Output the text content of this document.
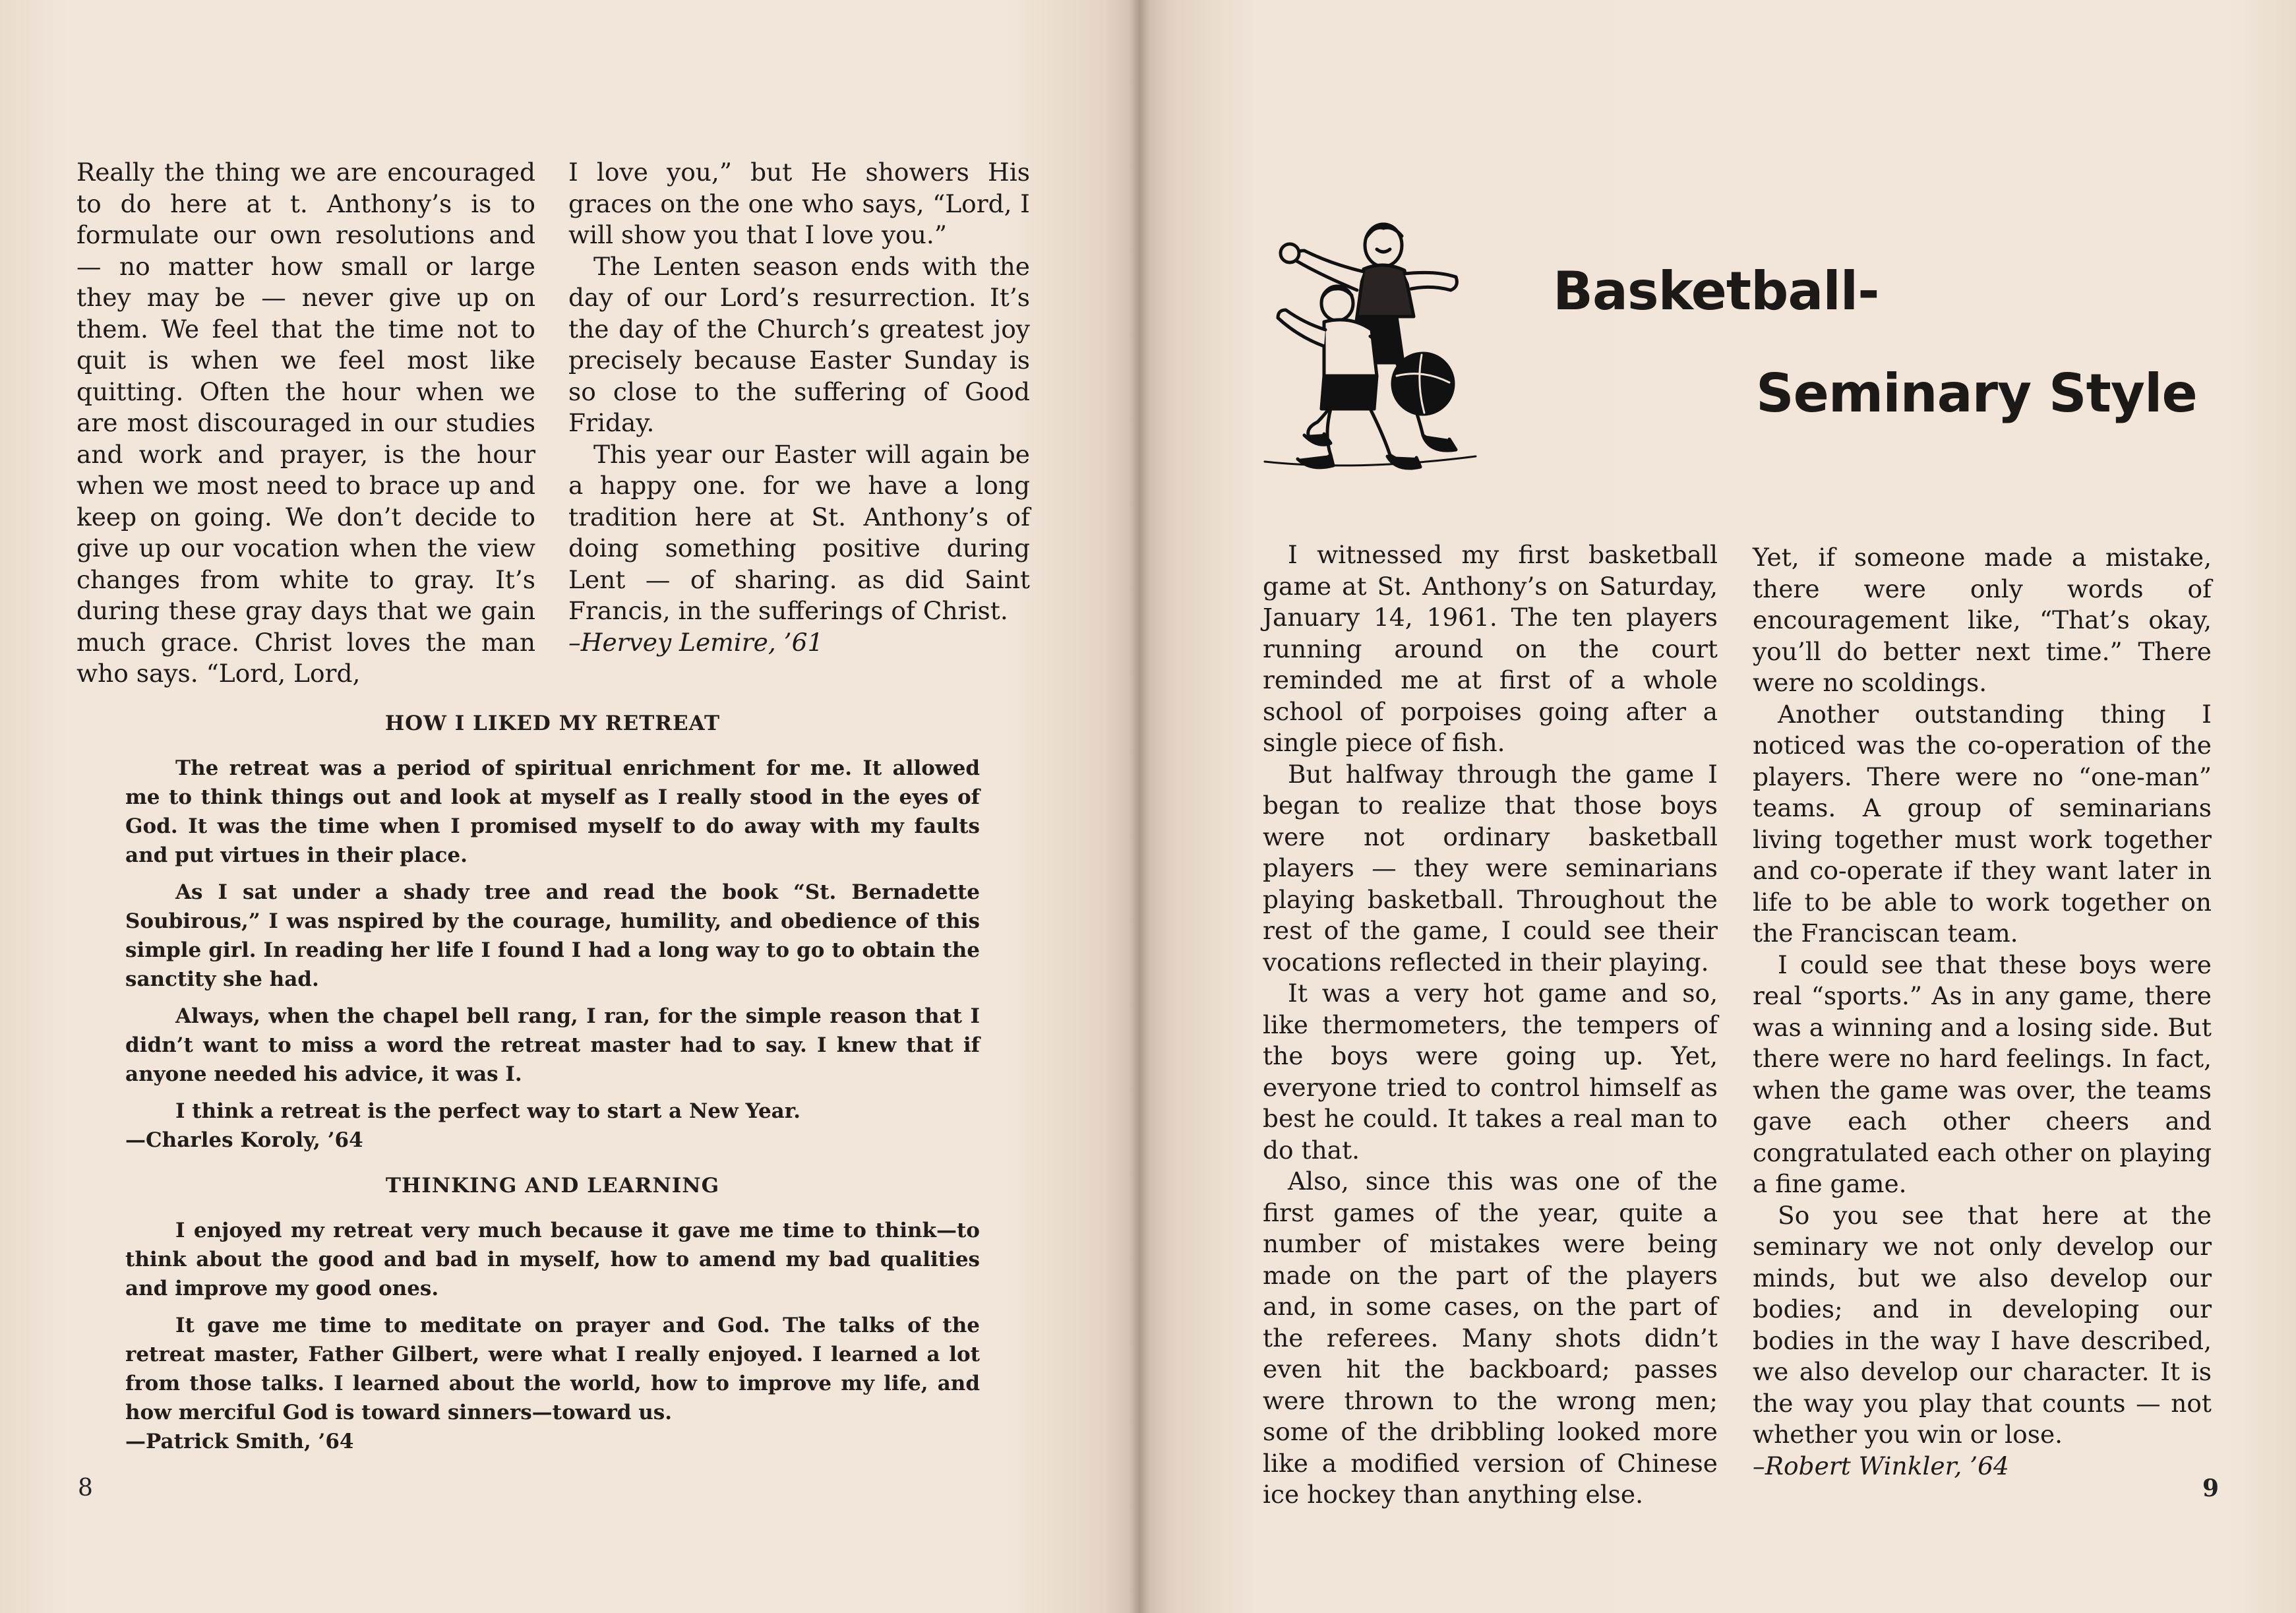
Really the thing we are encouraged to do here at t. Anthony’s is to formulate our own resolutions and — no matter how small or large they may be — never give up on them. We feel that the time not to quit is when we feel most like quitting. Often the hour when we are most discouraged in our studies and work and prayer, is the hour when we most need to brace up and keep on going. We don’t decide to give up our vocation when the view changes from white to gray. It’s during these gray days that we gain much grace. Christ loves the man who says. “Lord, Lord,

I love you,” but He showers His graces on the one who says, “Lord, I will show you that I love you.”

The Lenten season ends with the day of our Lord’s resurrection. It’s the day of the Church’s greatest joy precisely because Easter Sunday is so close to the suffering of Good Friday.

This year our Easter will again be a happy one. for we have a long tradition here at St. Anthony’s of doing something positive during Lent — of sharing. as did Saint Francis, in the sufferings of Christ.

–Hervey Lemire, ’61

HOW I LIKED MY RETREAT

The retreat was a period of spiritual enrichment for me. It allowed me to think things out and look at myself as I really stood in the eyes of God. It was the time when I promised myself to do away with my faults and put virtues in their place.

As I sat under a shady tree and read the book “St. Bernadette Soubirous,” I was nspired by the courage, humility, and obedience of this simple girl. In reading her life I found I had a long way to go to obtain the sanctity she had.

Always, when the chapel bell rang, I ran, for the simple reason that I didn’t want to miss a word the retreat master had to say. I knew that if anyone needed his advice, it was I.

I think a retreat is the perfect way to start a New Year.

—Charles Koroly, ’64

THINKING AND LEARNING

I enjoyed my retreat very much because it gave me time to think—to think about the good and bad in myself, how to amend my bad qualities and improve my good ones.

It gave me time to meditate on prayer and God. The talks of the retreat master, Father Gilbert, were what I really enjoyed. I learned a lot from those talks. I learned about the world, how to improve my life, and how merciful God is toward sinners—toward us.

—Patrick Smith, ’64

8
Basketball-
Seminary Style

I witnessed my first basketball game at St. Anthony’s on Saturday, January 14, 1961. The ten players running around on the court reminded me at first of a whole school of porpoises going after a single piece of fish.

But halfway through the game I began to realize that those boys were not ordinary basketball players — they were seminarians playing basketball. Throughout the rest of the game, I could see their vocations reflected in their playing.

It was a very hot game and so, like thermometers, the tempers of the boys were going up. Yet, everyone tried to control himself as best he could. It takes a real man to do that.

Also, since this was one of the first games of the year, quite a number of mistakes were being made on the part of the players and, in some cases, on the part of the referees. Many shots didn’t even hit the backboard; passes were thrown to the wrong men; some of the dribbling looked more like a modified version of Chinese ice hockey than anything else.

Yet, if someone made a mistake, there were only words of encouragement like, “That’s okay, you’ll do better next time.” There were no scoldings.

Another outstanding thing I noticed was the co-operation of the players. There were no “one-man” teams. A group of seminarians living together must work together and co-operate if they want later in life to be able to work together on the Franciscan team.

I could see that these boys were real “sports.” As in any game, there was a winning and a losing side. But there were no hard feelings. In fact, when the game was over, the teams gave each other cheers and congratulated each other on playing a fine game.

So you see that here at the seminary we not only develop our minds, but we also develop our bodies; and in developing our bodies in the way I have described, we also develop our character. It is the way you play that counts — not whether you win or lose.

–Robert Winkler, ’64

9
